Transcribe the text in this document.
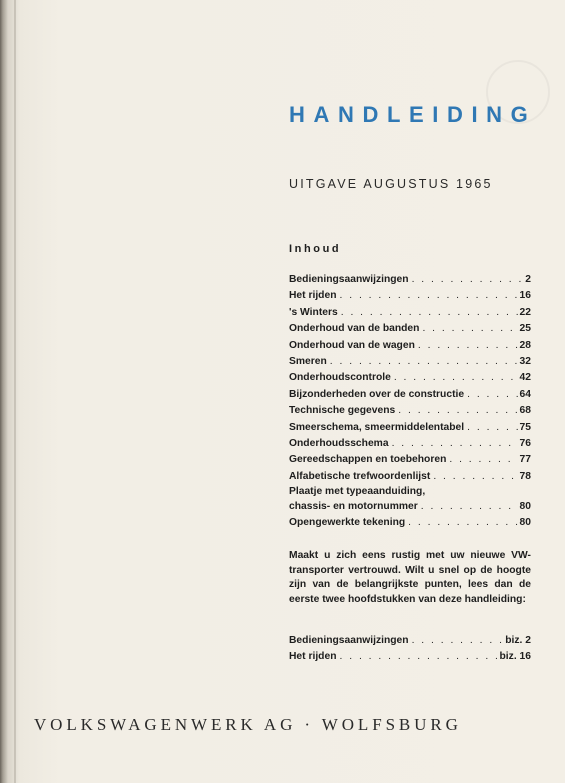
HANDLEIDING
UITGAVE AUGUSTUS 1965
Inhoud
Bedieningsaanwijzingen . . .	2
Het rijden . . .	16
's Winters . . .	22
Onderhoud van de banden . . .	25
Onderhoud van de wagen . . .	28
Smeren . . .	32
Onderhoudscontrole . . .	42
Bijzonderheden over de constructie . . .	64
Technische gegevens . . .	68
Smeerschema, smeermiddelentabel . . .	75
Onderhoudsschema . . .	76
Gereedschappen en toebehoren . . .	77
Alfabetische trefwoordenlijst . . .	78
Plaatje met typeaanduiding,
chassis- en motornummer . . .	80
Opengewerkte tekening . . .	80
Maakt u zich eens rustig met uw nieuwe VW-transporter vertrouwd. Wilt u snel op de hoogte zijn van de belangrijkste punten, lees dan de eerste twee hoofdstukken van deze handleiding:
Bedieningsaanwijzingen . . .	biz. 2
Het rijden . . .	biz. 16
VOLKSWAGENWERK AG · WOLFSBURG
